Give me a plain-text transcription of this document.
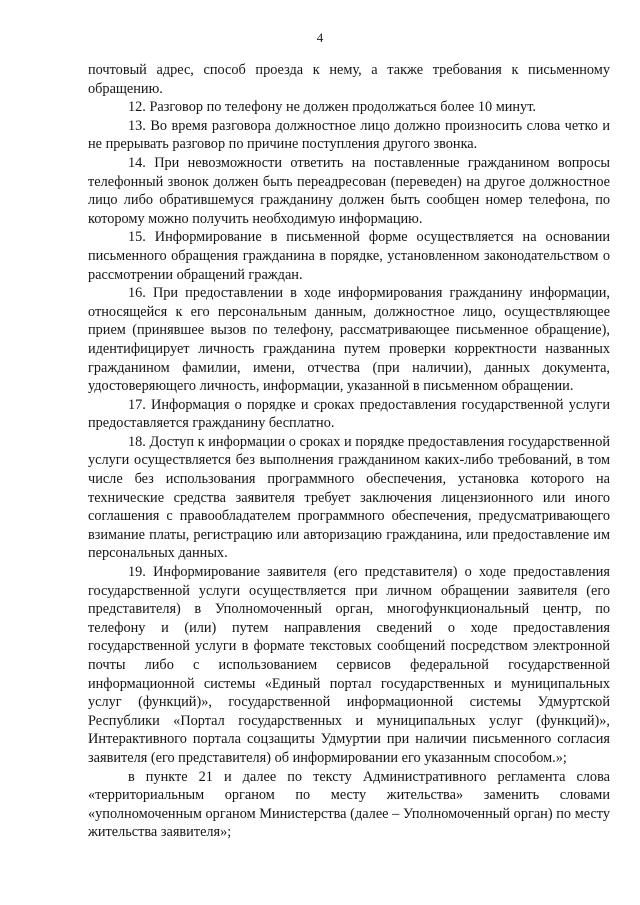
4

почтовый адрес, способ проезда к нему, а также требования к письменному обращению.

12. Разговор по телефону не должен продолжаться более 10 минут.

13. Во время разговора должностное лицо должно произносить слова четко и не прерывать разговор по причине поступления другого звонка.

14. При невозможности ответить на поставленные гражданином вопросы телефонный звонок должен быть переадресован (переведен) на другое должностное лицо либо обратившемуся гражданину должен быть сообщен номер телефона, по которому можно получить необходимую информацию.

15. Информирование в письменной форме осуществляется на основании письменного обращения гражданина в порядке, установленном законодательством о рассмотрении обращений граждан.

16. При предоставлении в ходе информирования гражданину информации, относящейся к его персональным данным, должностное лицо, осуществляющее прием (принявшее вызов по телефону, рассматривающее письменное обращение), идентифицирует личность гражданина путем проверки корректности названных гражданином фамилии, имени, отчества (при наличии), данных документа, удостоверяющего личность, информации, указанной в письменном обращении.

17. Информация о порядке и сроках предоставления государственной услуги предоставляется гражданину бесплатно.

18. Доступ к информации о сроках и порядке предоставления государственной услуги осуществляется без выполнения гражданином каких-либо требований, в том числе без использования программного обеспечения, установка которого на технические средства заявителя требует заключения лицензионного или иного соглашения с правообладателем программного обеспечения, предусматривающего взимание платы, регистрацию или авторизацию гражданина, или предоставление им персональных данных.

19. Информирование заявителя (его представителя) о ходе предоставления государственной услуги осуществляется при личном обращении заявителя (его представителя) в Уполномоченный орган, многофункциональный центр, по телефону и (или) путем направления сведений о ходе предоставления государственной услуги в формате текстовых сообщений посредством электронной почты либо с использованием сервисов федеральной государственной информационной системы «Единый портал государственных и муниципальных услуг (функций)», государственной информационной системы Удмуртской Республики «Портал государственных и муниципальных услуг (функций)», Интерактивного портала соцзащиты Удмуртии при наличии письменного согласия заявителя (его представителя) об информировании его указанным способом.»;

в пункте 21 и далее по тексту Административного регламента слова «территориальным органом по месту жительства» заменить словами «уполномоченным органом Министерства (далее – Уполномоченный орган) по месту жительства заявителя»;
